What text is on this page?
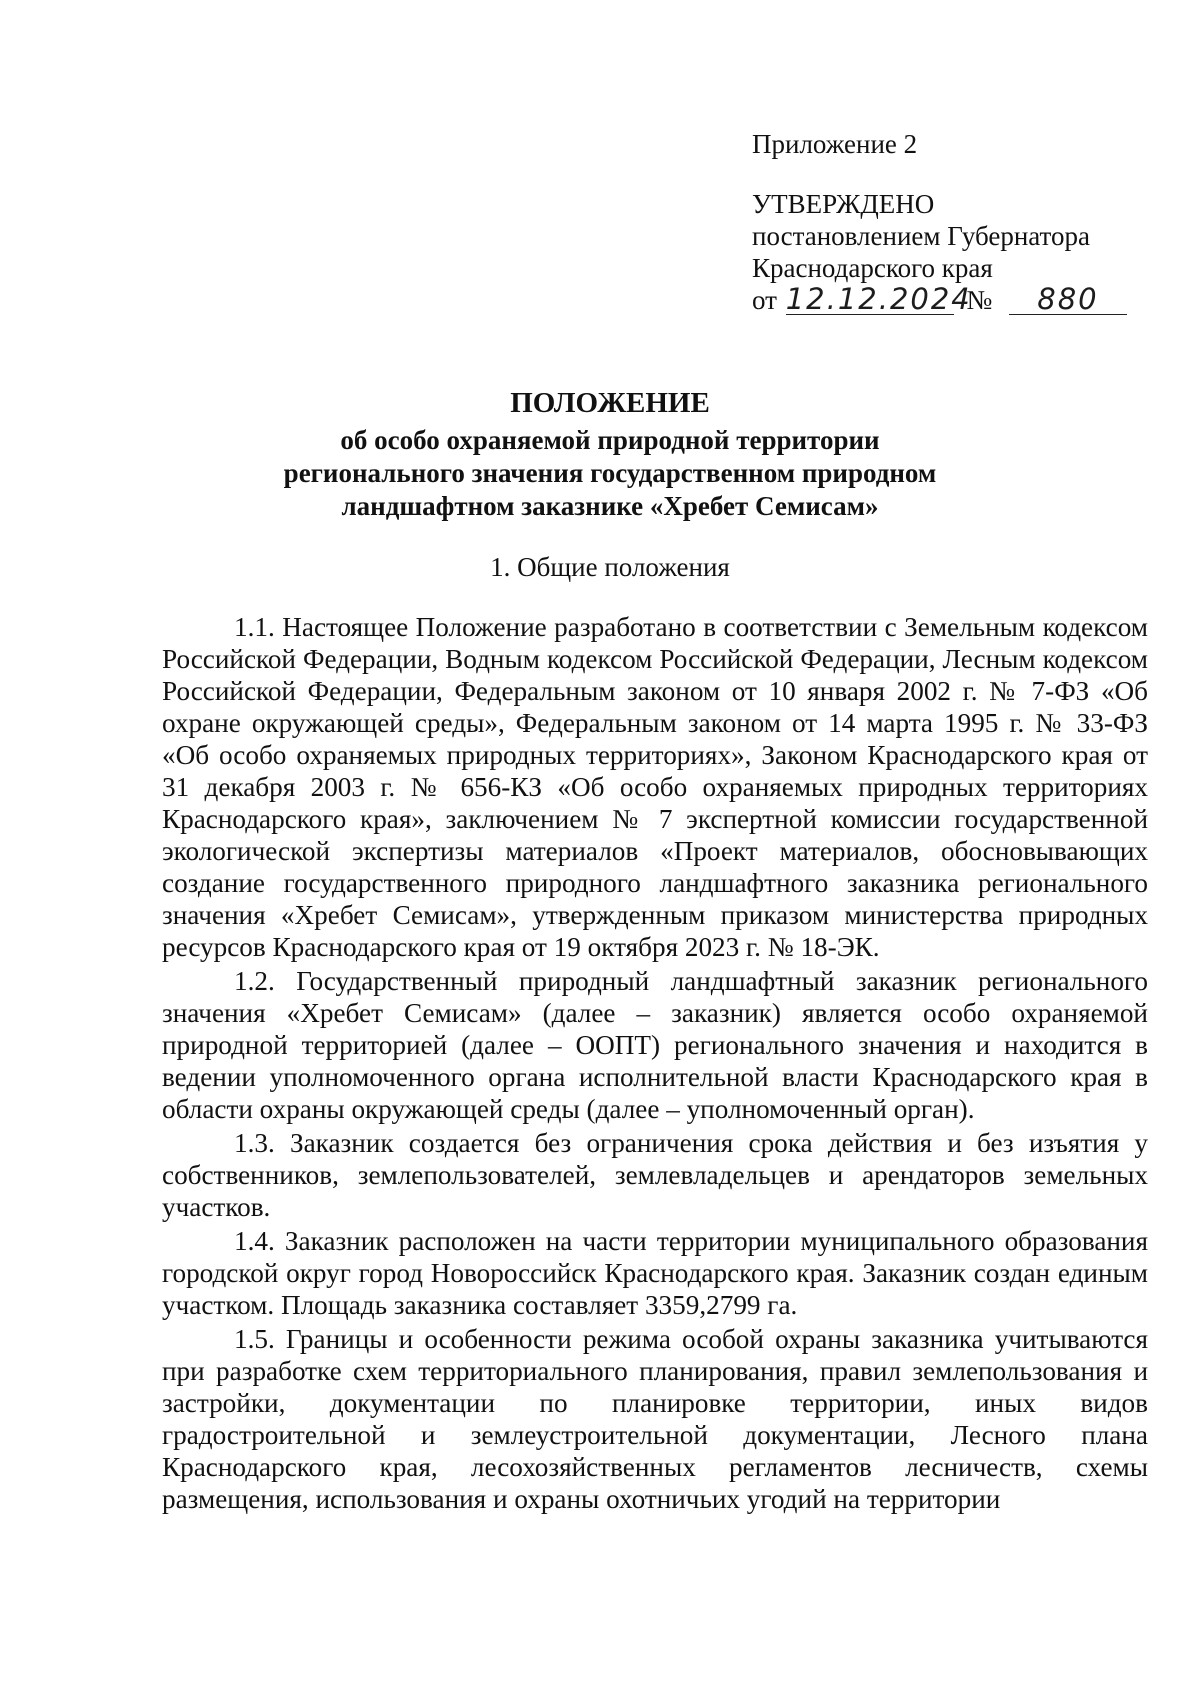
Приложение 2
УТВЕРЖДЕНО
постановлением Губернатора
Краснодарского края
от 12.12.2024 № 880
ПОЛОЖЕНИЕ
об особо охраняемой природной территории
регионального значения государственном природном
ландшафтном заказнике «Хребет Семисам»
1. Общие положения

1.1. Настоящее Положение разработано в соответствии с Земельным кодексом Российской Федерации, Водным кодексом Российской Федерации, Лесным кодексом Российской Федерации, Федеральным законом от 10 января 2002 г. № 7-ФЗ «Об охране окружающей среды», Федеральным законом от 14 марта 1995 г. № 33-ФЗ «Об особо охраняемых природных территориях», Законом Краснодарского края от 31 декабря 2003 г. № 656-КЗ «Об особо охраняемых природных территориях Краснодарского края», заключением № 7 экспертной комиссии государственной экологической экспертизы материалов «Проект материалов, обосновывающих создание государственного природного ландшафтного заказника регионального значения «Хребет Семисам», утвержденным приказом министерства природных ресурсов Краснодарского края от 19 октября 2023 г. № 18-ЭК.

1.2. Государственный природный ландшафтный заказник регионального значения «Хребет Семисам» (далее – заказник) является особо охраняемой природной территорией (далее – ООПТ) регионального значения и находится в ведении уполномоченного органа исполнительной власти Краснодарского края в области охраны окружающей среды (далее – уполномоченный орган).

1.3. Заказник создается без ограничения срока действия и без изъятия у собственников, землепользователей, землевладельцев и арендаторов земельных участков.

1.4. Заказник расположен на части территории муниципального образования городской округ город Новороссийск Краснодарского края. Заказник создан единым участком. Площадь заказника составляет 3359,2799 га.

1.5. Границы и особенности режима особой охраны заказника учитываются при разработке схем территориального планирования, правил землепользования и застройки, документации по планировке территории, иных видов градостроительной и землеустроительной документации, Лесного плана Краснодарского края, лесохозяйственных регламентов лесничеств, схемы размещения, использования и охраны охотничьих угодий на территории
